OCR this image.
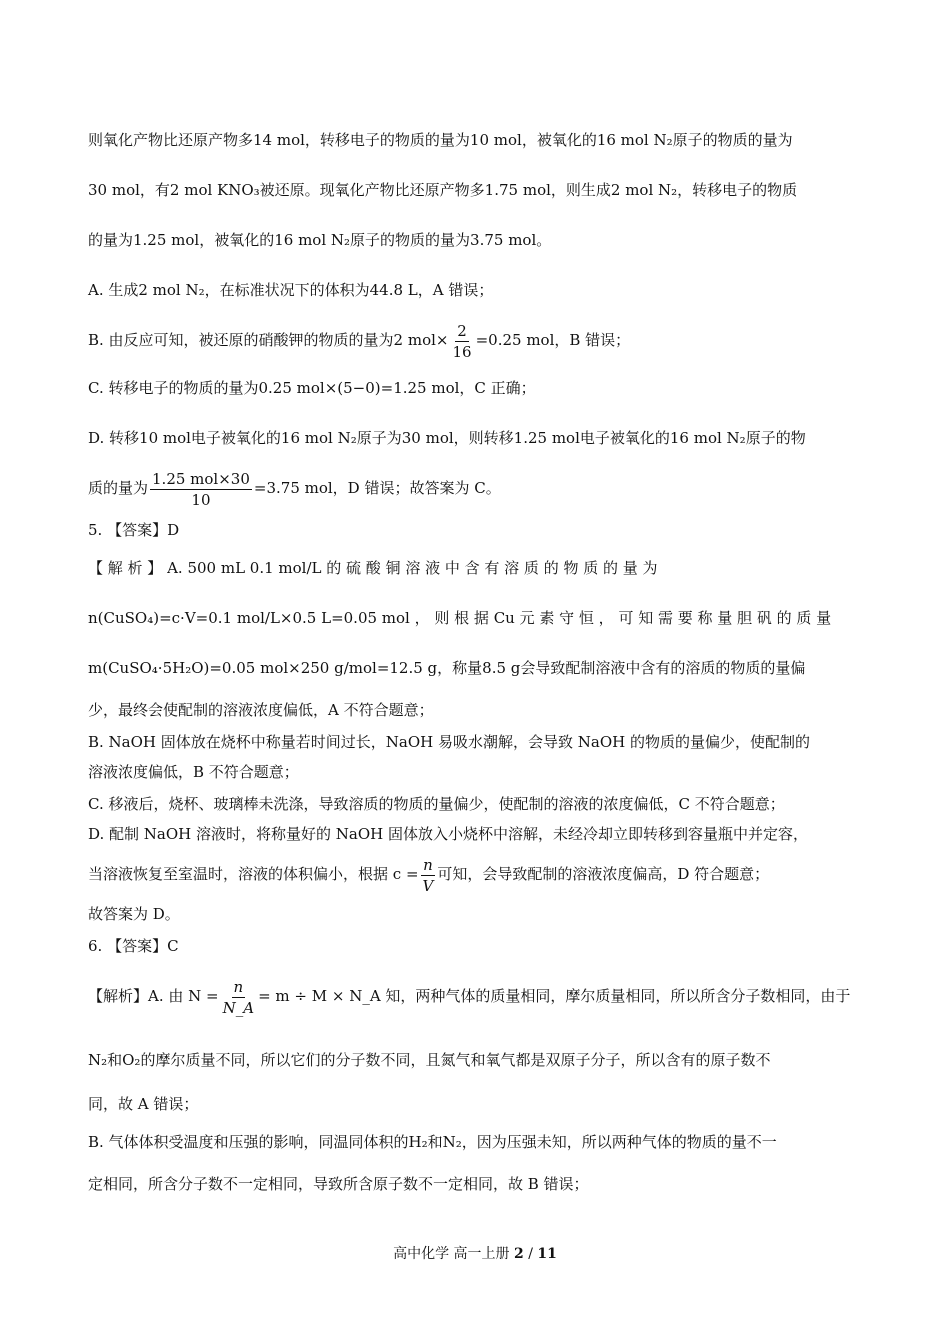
则氧化产物比还原产物多14 mol，转移电子的物质的量为10 mol，被氧化的16 mol N₂原子的物质的量为
30 mol，有2 mol KNO₃被还原。现氧化产物比还原产物多1.75 mol，则生成2 mol N₂，转移电子的物质
的量为1.25 mol，被氧化的16 mol N₂原子的物质的量为3.75 mol。
A. 生成2 mol N₂，在标准状况下的体积为44.8 L，A 错误；
B. 由反应可知，被还原的硝酸钾的物质的量为2 $mol\times \frac{2}{16} =0.25$ mol，B 错误；
C. 转移电子的物质的量为0.25 mol×(5−0)=1.25 mol，C 正确；
D. 转移10 mol电子被氧化的16 mol N₂原子为30 mol，则转移1.25 mol电子被氧化的16 mol N₂原子的物
质的量为 $\frac{\text{1.25 mol×30}}{10} =3.75$ mol，D 错误；故答案为 C。
5. 【答案】D
【 解 析 】 A. 500 mL 0.1 mol/L 的 硫 酸 铜 溶 液 中 含 有 溶 质 的 物 质 的 量 为
n(CuSO₄)=c·V=0.1 mol/L×0.5 L=0.05 mol ， 则 根 据 Cu 元 素 守 恒 ， 可 知 需 要 称 量 胆 矾 的 质 量
m(CuSO₄·5H₂O)=0.05 mol×250 g/mol=12.5 g，称量8.5 g会导致配制溶液中含有的溶质的物质的量偏
少，最终会使配制的溶液浓度偏低，A 不符合题意；
B. NaOH 固体放在烧杯中称量若时间过长，NaOH 易吸水潮解，会导致 NaOH 的物质的量偏少，使配制的
溶液浓度偏低，B 不符合题意；
C. 移液后，烧杯、玻璃棒未洗涤，导致溶质的物质的量偏少，使配制的溶液的浓度偏低，C 不符合题意；
D. 配制 NaOH 溶液时，将称量好的 NaOH 固体放入小烧杯中溶解，未经冷却立即转移到容量瓶中并定容，
当溶液恢复至室温时，溶液的体积偏小，根据 $c = \frac{n}{V}$ 可知，会导致配制的溶液浓度偏高，D 符合题意；
故答案为 D。
6. 【答案】C
【解析】A. 由 $N = \frac{n}{N\_A} = m \div M$ × N_A 知，两种气体的质量相同，摩尔质量相同，所以所含分子数相同，由于
N₂和O₂的摩尔质量不同，所以它们的分子数不同，且氮气和氧气都是双原子分子，所以含有的原子数不
同，故 A 错误；
B. 气体体积受温度和压强的影响，同温同体积的H₂和N₂，因为压强未知，所以两种气体的物质的量不一
定相同，所含分子数不一定相同，导致所含原子数不一定相同，故 B 错误；
高中化学 高一上册 2 / 11
